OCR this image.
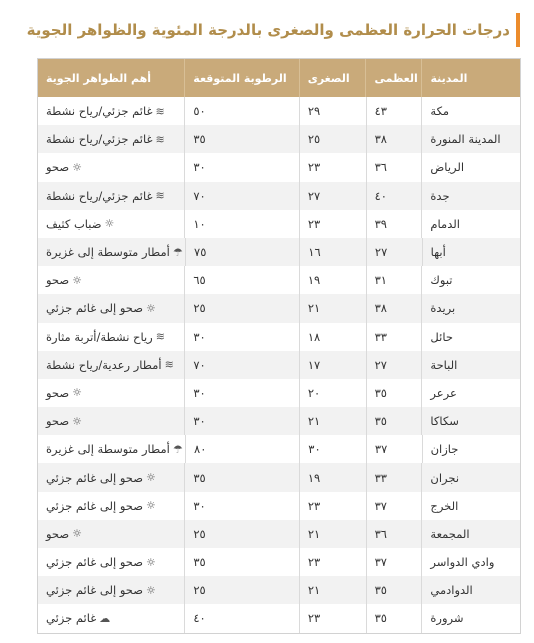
درجات الحرارة العظمى والصغرى بالدرجة المئوية والظواهر الجوية
المدينة
العظمى
الصغرى
الرطوبة المتوقعة
أهم الظواهر الجوية
مكة
٤٣
٢٩
٥٠
≋
غائم جزئي/رياح نشطة
المدينة المنورة
٣٨
٢٥
٣٥
≋
غائم جزئي/رياح نشطة
الرياض
٣٦
٢٣
٣٠
☼
صحو
جدة
٤٠
٢٧
٧٠
≋
غائم جزئي/رياح نشطة
الدمام
٣٩
٢٣
١٠
☼
ضباب كثيف
أبها
٢٧
١٦
٧٥
☂
أمطار متوسطة إلى غزيرة
تبوك
٣١
١٩
٦٥
☼
صحو
بريدة
٣٨
٢١
٢٥
☼
صحو إلى غائم جزئي
حائل
٣٣
١٨
٣٠
≋
رياح نشطة/أتربة مثارة
الباحة
٢٧
١٧
٧٠
≋
أمطار رعدية/رياح نشطة
عرعر
٣٥
٢٠
٣٠
☼
صحو
سكاكا
٣٥
٢١
٣٠
☼
صحو
جازان
٣٧
٣٠
٨٠
☂
أمطار متوسطة إلى غزيرة
نجران
٣٣
١٩
٣٥
☼
صحو إلى غائم جزئي
الخرج
٣٧
٢٣
٣٠
☼
صحو إلى غائم جزئي
المجمعة
٣٦
٢١
٢٥
☼
صحو
وادي الدواسر
٣٧
٢٣
٣٥
☼
صحو إلى غائم جزئي
الدوادمي
٣٥
٢١
٢٥
☼
صحو إلى غائم جزئي
شرورة
٣٥
٢٣
٤٠
☁
غائم جزئي
